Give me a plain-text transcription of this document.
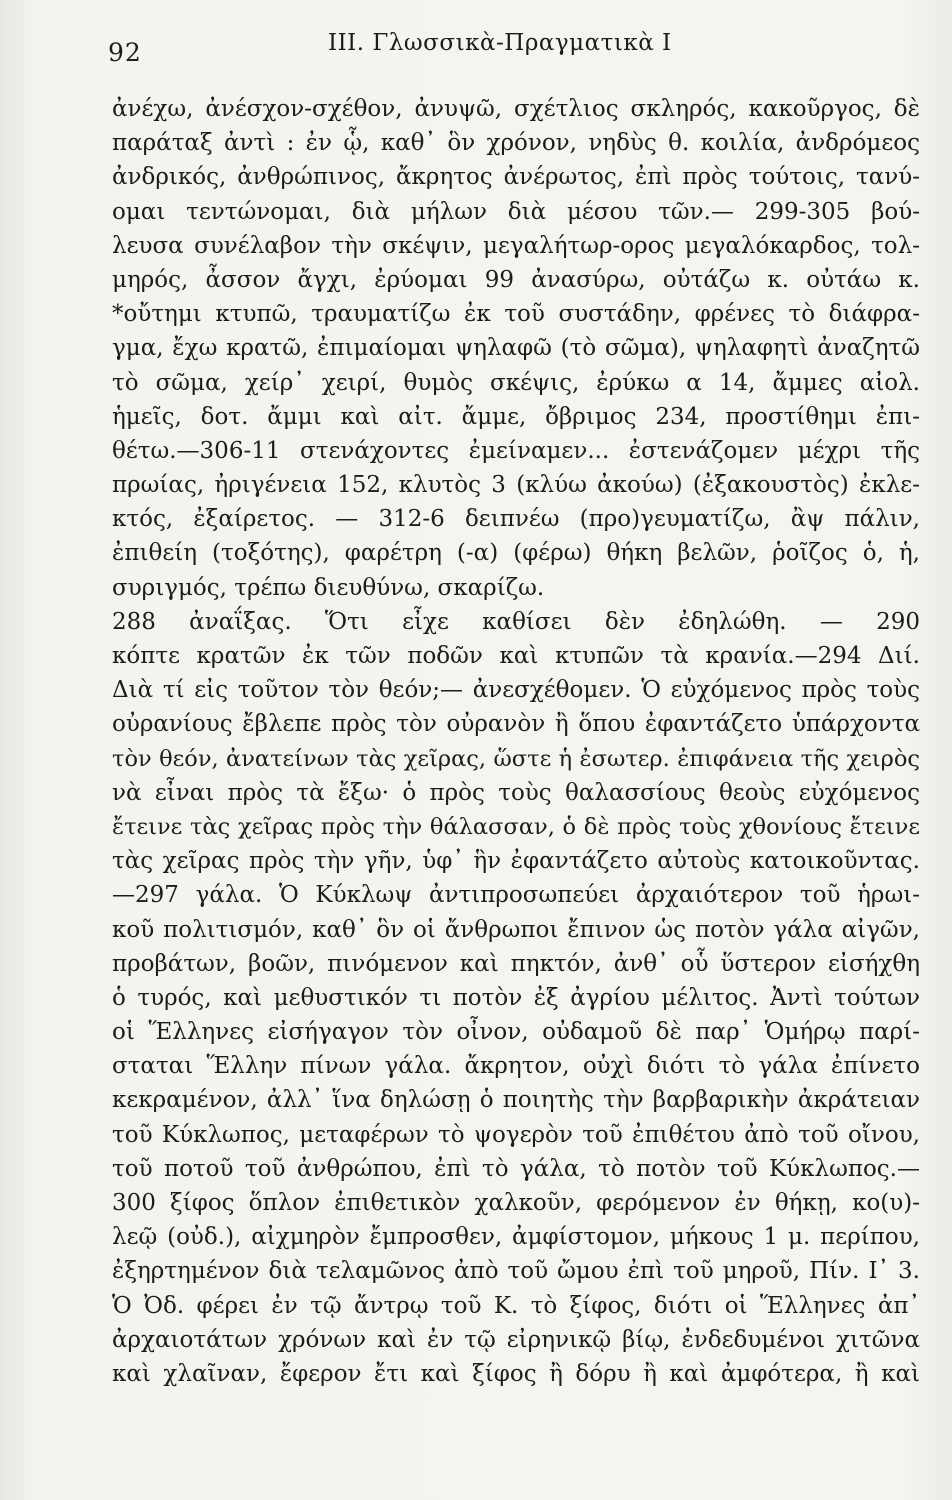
92	III. Γλωσσικὰ-Πραγματικὰ Ι
ἀνέχω, ἀνέσχον-σχέθον, ἀνυψῶ, σχέτλιος σκληρός, κακοῦργος, δὲ
παράταξ ἀντὶ : ἐν ᾧ, καθ᾽ ὃν χρόνον, νηδὺς θ. κοιλία, ἀνδρόμεος
ἀνδρικός, ἀνθρώπινος, ἄκρητος ἀνέρωτος, ἐπὶ πρὸς τούτοις, τανύ-
ομαι τεντώνομαι, διὰ μήλων διὰ μέσου τῶν.— 299-305 βού-
λευσα συνέλαβον τὴν σκέψιν, μεγαλήτωρ-ορος μεγαλόκαρδος, τολ-
μηρός, ἆσσον ἄγχι, ἐρύομαι 99 ἀνασύρω, οὐτάζω κ. οὐτάω κ.
*οὔτημι κτυπῶ, τραυματίζω ἐκ τοῦ συστάδην, φρένες τὸ διάφρα-
γμα, ἔχω κρατῶ, ἐπιμαίομαι ψηλαφῶ (τὸ σῶμα), ψηλαφητὶ ἀναζητῶ
τὸ σῶμα, χείρ᾽ χειρί, θυμὸς σκέψις, ἐρύκω α 14, ἄμμες αἰολ.
ἡμεῖς, δοτ. ἄμμι καὶ αἰτ. ἄμμε, ὄβριμος 234, προστίθημι ἐπι-
θέτω.—306-11 στενάχοντες ἐμείναμεν... ἐστενάζομεν μέχρι τῆς
πρωίας, ἠριγένεια 152, κλυτὸς 3 (κλύω ἀκούω) (ἐξακουστὸς) ἐκλε-
κτός, ἐξαίρετος. — 312-6 δειπνέω (προ)γευματίζω, ἂψ πάλιν,
ἐπιθείη (τοξότης), φαρέτρη (-α) (φέρω) θήκη βελῶν, ῥοῖζος ὁ, ἡ,
συριγμός, τρέπω διευθύνω, σκαρίζω.
288 ἀναΐξας. Ὅτι εἶχε καθίσει δὲν ἐδηλώθη. — 290
κόπτε κρατῶν ἐκ τῶν ποδῶν καὶ κτυπῶν τὰ κρανία.—294 Διί.
Διὰ τί εἰς τοῦτον τὸν θεόν;— ἀνεσχέθομεν. Ὁ εὐχόμενος πρὸς τοὺς
οὐρανίους ἔβλεπε πρὸς τὸν οὐρανὸν ἢ ὅπου ἐφαντάζετο ὑπάρχοντα
τὸν θεόν, ἀνατείνων τὰς χεῖρας, ὥστε ἡ ἐσωτερ. ἐπιφάνεια τῆς χειρὸς
νὰ εἶναι πρὸς τὰ ἔξω· ὁ πρὸς τοὺς θαλασσίους θεοὺς εὐχόμενος
ἔτεινε τὰς χεῖρας πρὸς τὴν θάλασσαν, ὁ δὲ πρὸς τοὺς χθονίους ἔτεινε
τὰς χεῖρας πρὸς τὴν γῆν, ὑφ᾽ ἣν ἐφαντάζετο αὐτοὺς κατοικοῦντας.
—297 γάλα. Ὁ Κύκλωψ ἀντιπροσωπεύει ἀρχαιότερον τοῦ ἡρωι-
κοῦ πολιτισμόν, καθ᾽ ὃν οἱ ἄνθρωποι ἔπινον ὡς ποτὸν γάλα αἰγῶν,
προβάτων, βοῶν, πινόμενον καὶ πηκτόν, ἀνθ᾽ οὗ ὕστερον εἰσήχθη
ὁ τυρός, καὶ μεθυστικόν τι ποτὸν ἐξ ἀγρίου μέλιτος. Ἀντὶ τούτων
οἱ Ἕλληνες εἰσήγαγον τὸν οἶνον, οὐδαμοῦ δὲ παρ᾽ Ὁμήρῳ παρί-
σταται Ἕλλην πίνων γάλα. ἄκρητον, οὐχὶ διότι τὸ γάλα ἐπίνετο
κεκραμένον, ἀλλ᾽ ἵνα δηλώσῃ ὁ ποιητὴς τὴν βαρβαρικὴν ἀκράτειαν
τοῦ Κύκλωπος, μεταφέρων τὸ ψογερὸν τοῦ ἐπιθέτου ἀπὸ τοῦ οἴνου,
τοῦ ποτοῦ τοῦ ἀνθρώπου, ἐπὶ τὸ γάλα, τὸ ποτὸν τοῦ Κύκλωπος.—
300 ξίφος ὅπλον ἐπιθετικὸν χαλκοῦν, φερόμενον ἐν θήκῃ, κο(υ)-
λεῷ (οὐδ.), αἰχμηρὸν ἔμπροσθεν, ἀμφίστομον, μήκους 1 μ. περίπου,
ἐξηρτημένον διὰ τελαμῶνος ἀπὸ τοῦ ὤμου ἐπὶ τοῦ μηροῦ, Πίν. Ι᾽ 3.
Ὁ Ὀδ. φέρει ἐν τῷ ἄντρῳ τοῦ Κ. τὸ ξίφος, διότι οἱ Ἕλληνες ἀπ᾽
ἀρχαιοτάτων χρόνων καὶ ἐν τῷ εἰρηνικῷ βίῳ, ἐνδεδυμένοι χιτῶνα
καὶ χλαῖναν, ἔφερον ἔτι καὶ ξίφος ἢ δόρυ ἢ καὶ ἀμφότερα, ἢ καὶ
